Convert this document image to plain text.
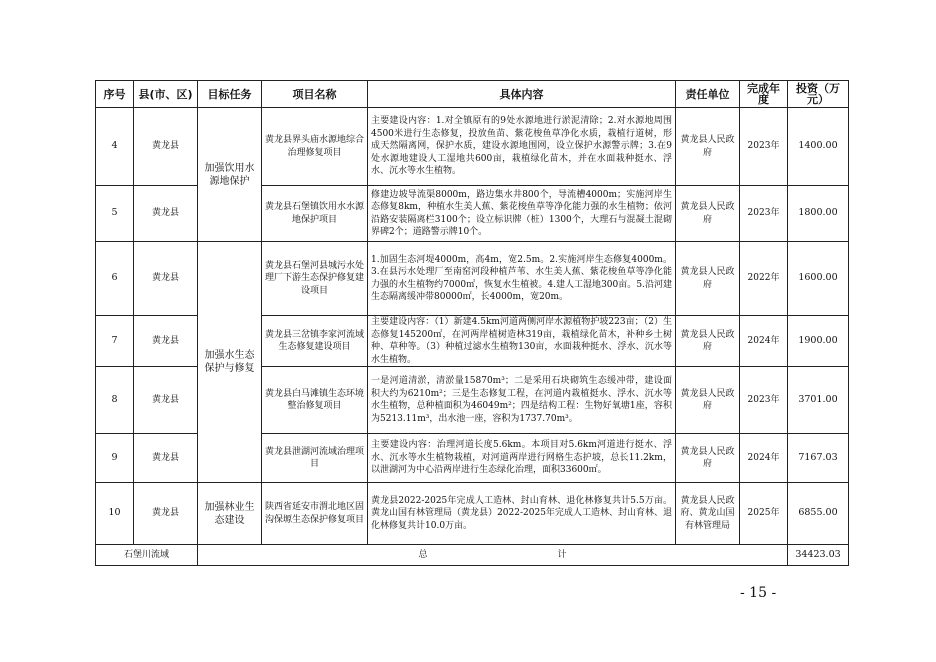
序号	县(市、区)	目标任务	项目名称	具体内容	责任单位	完成年度	投资（万元）
4	黄龙县	加强饮用水源地保护	黄龙县界头庙水源地综合治理修复项目	主要建设内容：1.对全镇原有的9处水源地进行淤泥清除；2.对水源地周围4500米进行生态修复，投放鱼苗、紫花梭鱼草净化水质，栽植行道树，形成天然隔离网，保护水质，建设水源地围网，设立保护水源警示牌；3.在9处水源地建设人工湿地共600亩，栽植绿化苗木，并在水面栽种挺水、浮水、沉水等水生植物。	黄龙县人民政府	2023年	1400.00
5	黄龙县		黄龙县石堡镇饮用水水源地保护项目	修建边坡导流渠8000m，路边集水井800个，导流槽4000m；实施河岸生态修复8km，种植水生美人蕉、紫花梭鱼草等净化能力强的水生植物；依河沿路安装隔离栏3100个；设立标识牌（桩）1300个，大理石与混凝土混砌界碑2个；道路警示牌10个。	黄龙县人民政府	2023年	1800.00
6	黄龙县	加强水生态保护与修复	黄龙县石堡河县城污水处理厂下游生态保护修复建设项目	1.加固生态河堤4000m，高4m，宽2.5m。2.实施河岸生态修复4000m。3.在县污水处理厂至南窑河段种植芦苇、水生美人蕉、紫花梭鱼草等净化能力强的水生植物约7000㎡，恢复水生植被。4.建人工湿地300亩。5.沿河建生态隔离缓冲带80000㎡，长4000m，宽20m。	黄龙县人民政府	2022年	1600.00
7	黄龙县		黄龙县三岔镇李家河流域生态修复建设项目	主要建设内容：（1）新建4.5km河道两侧河岸水源植物护坡223亩；（2）生态修复145200㎡，在河两岸植树造林319亩，栽植绿化苗木，补种乡土树种、草种等。（3）种植过滤水生植物130亩，水面栽种挺水、浮水、沉水等水生植物。	黄龙县人民政府	2024年	1900.00
8	黄龙县		黄龙县白马滩镇生态环境整治修复项目	一是河道清淤，清淤量15870m³；二是采用石块砌筑生态缓冲带，建设面积大约为6210m²；三是生态修复工程，在河道内栽植挺水、浮水、沉水等水生植物，总种植面积为46049m²；四是结构工程：生物好氧塘1座，容积为5213.11m³，出水池一座，容积为1737.70m³。	黄龙县人民政府	2023年	3701.00
9	黄龙县		黄龙县泄湖河流域治理项目	主要建设内容：治理河道长度5.6km。本项目对5.6km河道进行挺水、浮水、沉水等水生植物栽植，对河道两岸进行网格生态护坡，总长11.2km，以泄湖河为中心沿两岸进行生态绿化治理，面积33600㎡。	黄龙县人民政府	2024年	7167.03
10	黄龙县	加强林业生态建设	陕西省延安市渭北地区固沟保塬生态保护修复项目	黄龙县2022-2025年完成人工造林、封山育林、退化林修复共计5.5万亩。黄龙山国有林管理局（黄龙县）2022-2025年完成人工造林、封山育林、退化林修复共计10.0万亩。	黄龙县人民政府、黄龙山国有林管理局	2025年	6855.00
石堡川流域		总 计					34423.03
- 15 -
